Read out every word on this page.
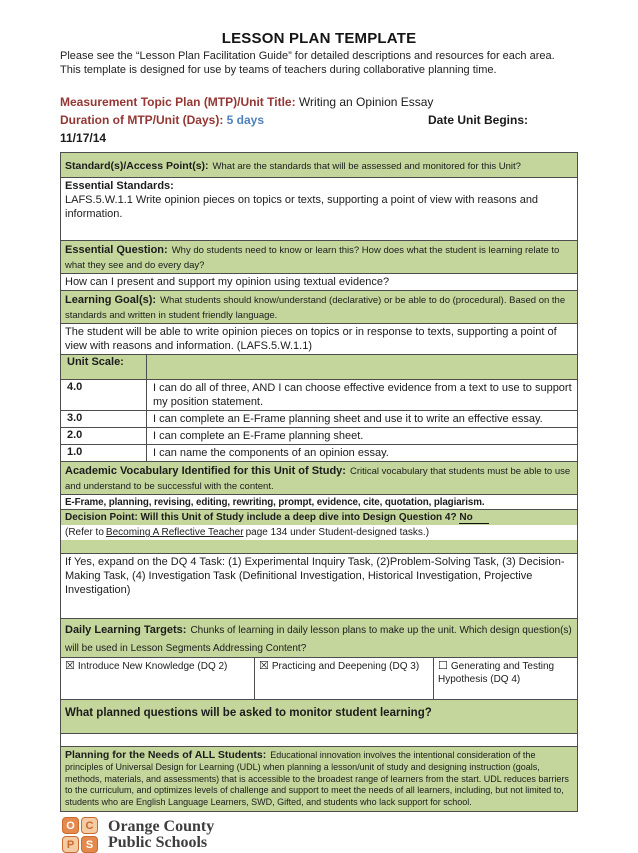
LESSON PLAN TEMPLATE
Please see the “Lesson Plan Facilitation Guide” for detailed descriptions and resources for each area. This template is designed for use by teams of teachers during collaborative planning time.
Measurement Topic Plan (MTP)/Unit Title: Writing an Opinion Essay
Duration of MTP/Unit (Days): 5 days	Date Unit Begins:
11/17/14
Standard(s)/Access Point(s): What are the standards that will be assessed and monitored for this Unit?
Essential Standards:
LAFS.5.W.1.1 Write opinion pieces on topics or texts, supporting a point of view with reasons and information.
Essential Question: Why do students need to know or learn this? How does what the student is learning relate to what they see and do every day?
How can I present and support my opinion using textual evidence?
Learning Goal(s): What students should know/understand (declarative) or be able to do (procedural). Based on the standards and written in student friendly language.
The student will be able to write opinion pieces on topics or in response to texts, supporting a point of view with reasons and information. (LAFS.5.W.1.1)
Unit Scale:
4.0	I can do all of three, AND I can choose effective evidence from a text to use to support my position statement.
3.0	I can complete an E-Frame planning sheet and use it to write an effective essay.
2.0	I can complete an E-Frame planning sheet.
1.0	I can name the components of an opinion essay.
Academic Vocabulary Identified for this Unit of Study: Critical vocabulary that students must be able to use and understand to be successful with the content.
E-Frame, planning, revising, editing, rewriting, prompt, evidence, cite, quotation, plagiarism.
Decision Point: Will this Unit of Study include a deep dive into Design Question 4? No
(Refer to Becoming A Reflective Teacher page 134 under Student-designed tasks.)
If Yes, expand on the DQ 4 Task: (1) Experimental Inquiry Task, (2)Problem-Solving Task, (3) Decision-Making Task, (4) Investigation Task (Definitional Investigation, Historical Investigation, Projective Investigation)
Daily Learning Targets: Chunks of learning in daily lesson plans to make up the unit. Which design question(s) will be used in Lesson Segments Addressing Content?
☒ Introduce New Knowledge (DQ 2)	☒ Practicing and Deepening (DQ 3)	☐ Generating and Testing Hypothesis (DQ 4)
What planned questions will be asked to monitor student learning?
Planning for the Needs of ALL Students: Educational innovation involves the intentional consideration of the principles of Universal Design for Learning (UDL) when planning a lesson/unit of study and designing instruction (goals, methods, materials, and assessments) that is accessible to the broadest range of learners from the start. UDL reduces barriers to the curriculum, and optimizes levels of challenge and support to meet the needs of all learners, including, but not limited to, students who are English Language Learners, SWD, Gifted, and students who lack support for school.
O C
P	S
Orange County
Public Schools
